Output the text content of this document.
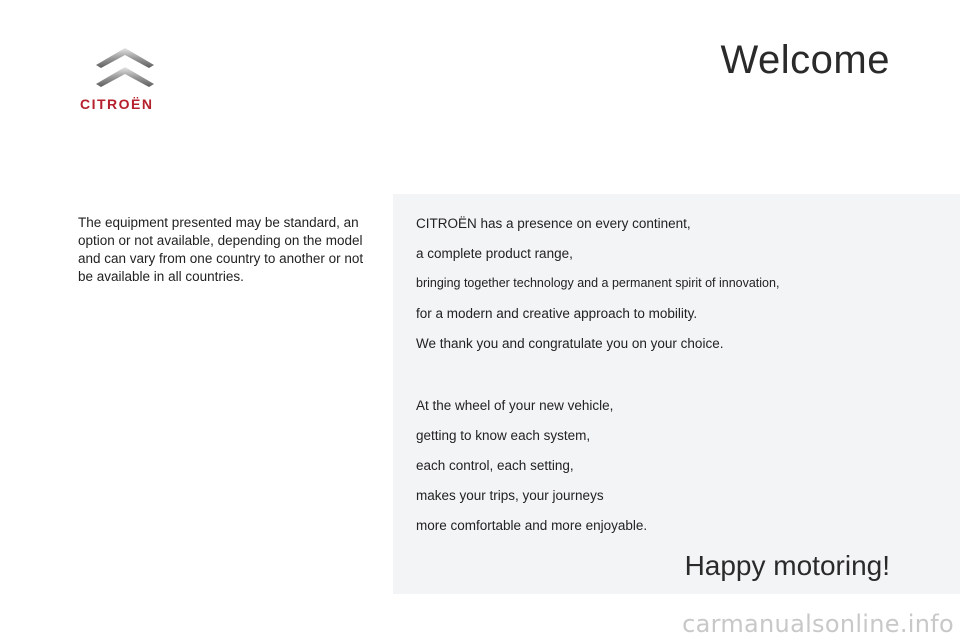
CITROËN
Welcome
The equipment presented may be standard, an option or not available, depending on the model and can vary from one country to another or not be available in all countries.

CITROËN has a presence on every continent,

a complete product range,

bringing together technology and a permanent spirit of innovation,

for a modern and creative approach to mobility.

We thank you and congratulate you on your choice.

At the wheel of your new vehicle,

getting to know each system,

each control, each setting,

makes your trips, your journeys

more comfortable and more enjoyable.

Happy motoring!
carmanualsonline.info
